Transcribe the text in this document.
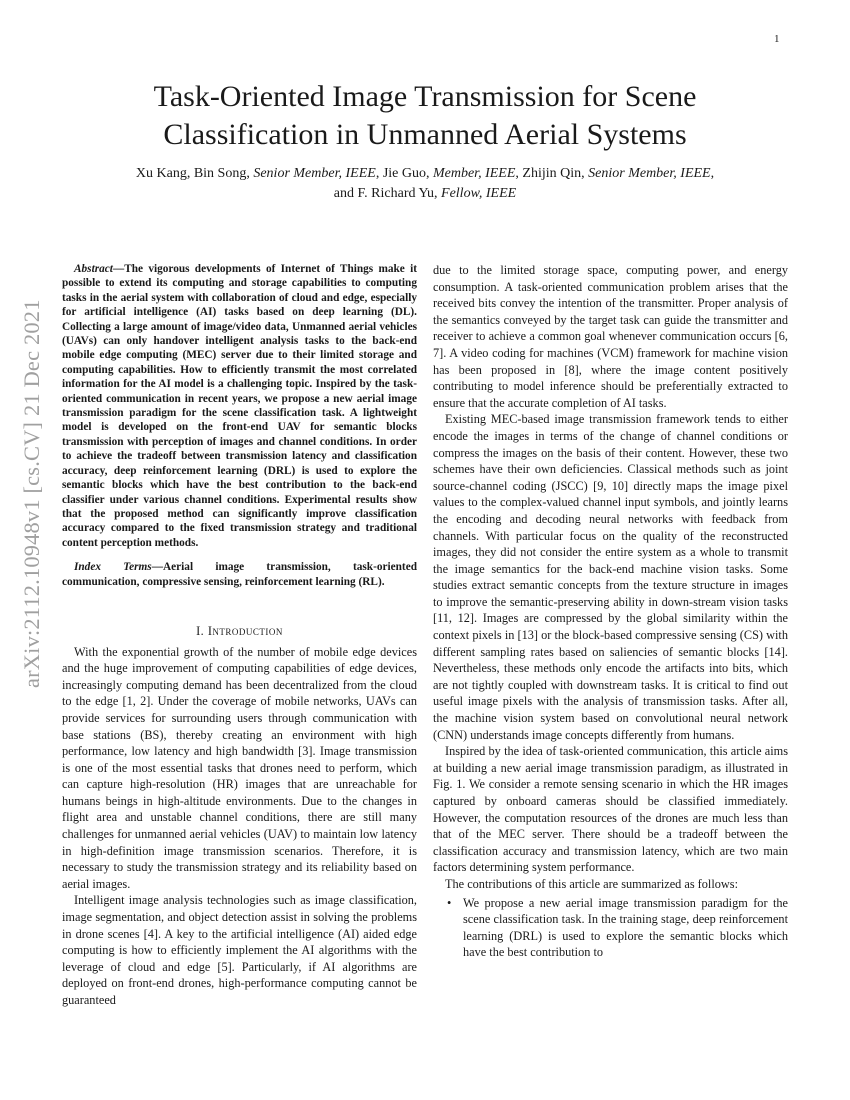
1
Task-Oriented Image Transmission for Scene
Classification in Unmanned Aerial Systems
Xu Kang, Bin Song, Senior Member, IEEE, Jie Guo, Member, IEEE, Zhijin Qin, Senior Member, IEEE,
and F. Richard Yu, Fellow, IEEE
arXiv:2112.10948v1 [cs.CV] 21 Dec 2021

Abstract—The vigorous developments of Internet of Things make it possible to extend its computing and storage capabilities to computing tasks in the aerial system with collaboration of cloud and edge, especially for artificial intelligence (AI) tasks based on deep learning (DL). Collecting a large amount of image/video data, Unmanned aerial vehicles (UAVs) can only handover intelligent analysis tasks to the back-end mobile edge computing (MEC) server due to their limited storage and computing capabilities. How to efficiently transmit the most correlated information for the AI model is a challenging topic. Inspired by the task-oriented communication in recent years, we propose a new aerial image transmission paradigm for the scene classification task. A lightweight model is developed on the front-end UAV for semantic blocks transmission with perception of images and channel conditions. In order to achieve the tradeoff between transmission latency and classification accuracy, deep reinforcement learning (DRL) is used to explore the semantic blocks which have the best contribution to the back-end classifier under various channel conditions. Experimental results show that the proposed method can significantly improve classification accuracy compared to the fixed transmission strategy and traditional content perception methods.

Index Terms—Aerial image transmission, task-oriented communication, compressive sensing, reinforcement learning (RL).

I. Introduction

With the exponential growth of the number of mobile edge devices and the huge improvement of computing capabilities of edge devices, increasingly computing demand has been decentralized from the cloud to the edge [1, 2]. Under the coverage of mobile networks, UAVs can provide services for surrounding users through communication with base stations (BS), thereby creating an environment with high performance, low latency and high bandwidth [3]. Image transmission is one of the most essential tasks that drones need to perform, which can capture high-resolution (HR) images that are unreachable for humans beings in high-altitude environments. Due to the changes in flight area and unstable channel conditions, there are still many challenges for unmanned aerial vehicles (UAV) to maintain low latency in high-definition image transmission scenarios. Therefore, it is necessary to study the transmission strategy and its reliability based on aerial images.

Intelligent image analysis technologies such as image classification, image segmentation, and object detection assist in solving the problems in drone scenes [4]. A key to the artificial intelligence (AI) aided edge computing is how to efficiently implement the AI algorithms with the leverage of cloud and edge [5]. Particularly, if AI algorithms are deployed on front-end drones, high-performance computing cannot be guaranteed

due to the limited storage space, computing power, and energy consumption. A task-oriented communication problem arises that the received bits convey the intention of the transmitter. Proper analysis of the semantics conveyed by the target task can guide the transmitter and receiver to achieve a common goal whenever communication occurs [6, 7]. A video coding for machines (VCM) framework for machine vision has been proposed in [8], where the image content positively contributing to model inference should be preferentially extracted to ensure that the accurate completion of AI tasks.

Existing MEC-based image transmission framework tends to either encode the images in terms of the change of channel conditions or compress the images on the basis of their content. However, these two schemes have their own deficiencies. Classical methods such as joint source-channel coding (JSCC) [9, 10] directly maps the image pixel values to the complex-valued channel input symbols, and jointly learns the encoding and decoding neural networks with feedback from channels. With particular focus on the quality of the reconstructed images, they did not consider the entire system as a whole to transmit the image semantics for the back-end machine vision tasks. Some studies extract semantic concepts from the texture structure in images to improve the semantic-preserving ability in down-stream vision tasks [11, 12]. Images are compressed by the global similarity within the context pixels in [13] or the block-based compressive sensing (CS) with different sampling rates based on saliencies of semantic blocks [14]. Nevertheless, these methods only encode the artifacts into bits, which are not tightly coupled with downstream tasks. It is critical to find out useful image pixels with the analysis of transmission tasks. After all, the machine vision system based on convolutional neural network (CNN) understands image concepts differently from humans.

Inspired by the idea of task-oriented communication, this article aims at building a new aerial image transmission paradigm, as illustrated in Fig. 1. We consider a remote sensing scenario in which the HR images captured by onboard cameras should be classified immediately. However, the computation resources of the drones are much less than that of the MEC server. There should be a tradeoff between the classification accuracy and transmission latency, which are two main factors determining system performance.

The contributions of this article are summarized as follows:

• We propose a new aerial image transmission paradigm for the scene classification task. In the training stage, deep reinforcement learning (DRL) is used to explore the semantic blocks which have the best contribution to
